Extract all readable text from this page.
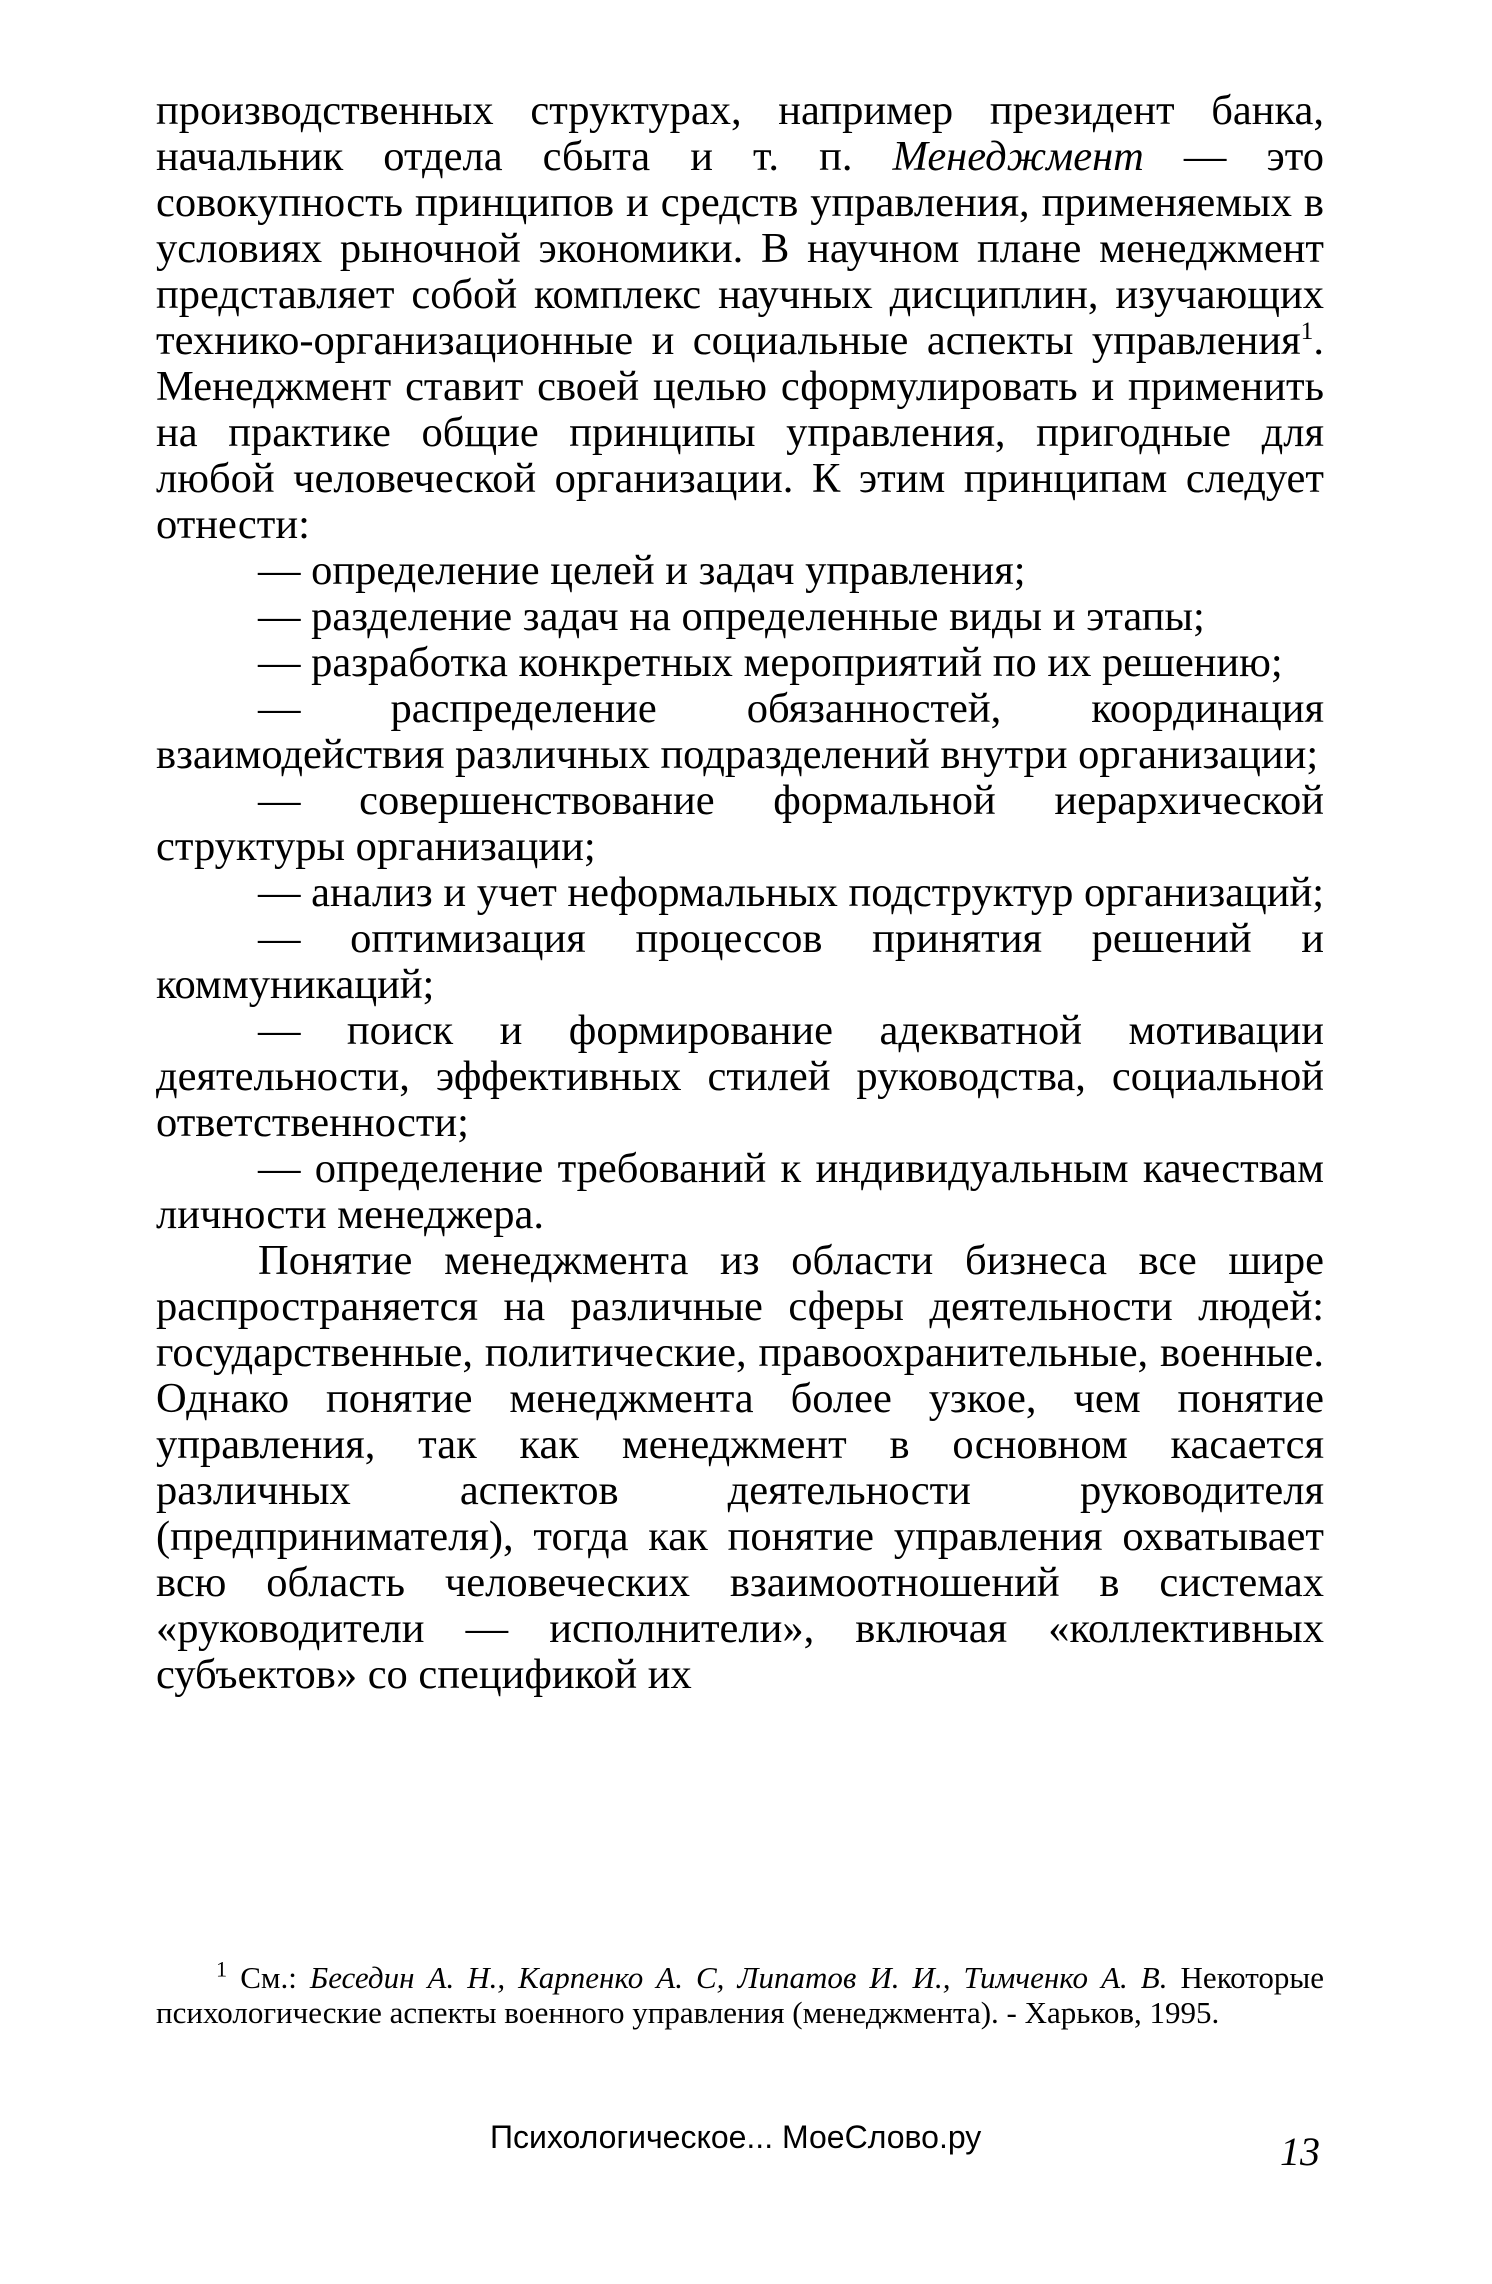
производственных структурах, например президент банка, начальник отдела сбыта и т. п. Менеджмент — это совокупность принципов и средств управления, применяемых в условиях рыночной экономики. В научном плане менеджмент представляет собой комплекс научных дисциплин, изучающих технико-организационные и социальные аспекты управления$^1$. Менеджмент ставит своей целью сформулировать и применить на практике общие принципы управления, пригодные для любой человеческой организации. К этим принципам следует отнести:

— определение целей и задач управления;

— разделение задач на определенные виды и этапы;

— разработка конкретных мероприятий по их решению;

— распределение обязанностей, координация взаимодействия различных подразделений внутри организации;

— совершенствование формальной иерархической структуры организации;

— анализ и учет неформальных подструктур организаций;

— оптимизация процессов принятия решений и коммуникаций;

— поиск и формирование адекватной мотивации деятельности, эффективных стилей руководства, социальной ответственности;

— определение требований к индивидуальным качествам личности менеджера.

Понятие менеджмента из области бизнеса все шире распространяется на различные сферы деятельности людей: государственные, политические, правоохранительные, военные. Однако понятие менеджмента более узкое, чем понятие управления, так как менеджмент в основном касается различных аспектов деятельности руководителя (предпринимателя), тогда как понятие управления охватывает всю область человеческих взаимоотношений в системах «руководители — исполнители», включая «коллективных субъектов» со спецификой их

$^1$ См.: Беседин А. Н., Карпенко А. С, Липатов И. И., Тимченко А. В. Некоторые психологические аспекты военного управления (менеджмента). - Харьков, 1995.
Психологическое... МоеСлово.ру	13
